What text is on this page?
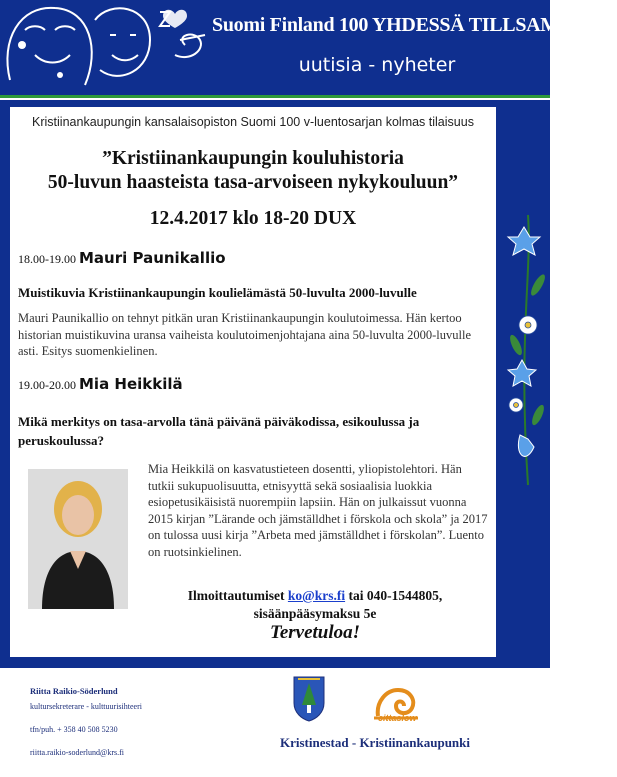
Suomi Finland 100 YHDESSÄ TILLSAMMANS
uutisia - nyheter

Kristiinankaupungin kansalaisopiston Suomi 100 v-luentosarjan kolmas tilaisuus

”Kristiinankaupungin kouluhistoria
50-luvun haasteista tasa-arvoiseen nykykouluun”

12.4.2017 klo 18-20 DUX

18.00-19.00 Mauri Paunikallio

Muistikuvia Kristiinankaupungin koulielämästä 50-luvulta 2000-luvulle

Mauri Paunikallio on tehnyt pitkän uran Kristiinankaupungin koulutoimessa. Hän kertoo historian muistikuvina uransa vaiheista koulutoimenjohtajana aina 50-luvulta 2000-luvulle asti. Esitys suomenkielinen.

19.00-20.00 Mia Heikkilä

Mikä merkitys on tasa-arvolla tänä päivänä päiväkodissa, esikoulussa ja peruskoulussa?

Mia Heikkilä on kasvatustieteen dosentti, yliopistolehtori. Hän tutkii sukupuolisuutta, etnisyyttä sekä sosiaalisia luokkia esiopetusikäisistä nuorempiin lapsiin. Hän on julkaissut vuonna 2015 kirjan ”Lärande och jämställdhet i förskola och skola” ja 2017 on tulossa uusi kirja ”Arbeta med jämställdhet i förskolan”. Luento on ruotsinkielinen.

Ilmoittautumiset ko@krs.fi tai 040-1544805,
sisäänpääsymaksu 5e

Tervetuloa!

Riitta Raikio-Söderlund
kultursekreterare - kulttuurisihteeri
tfn/puh. + 358 40 508 5230
riitta.raikio-soderlund@krs.fi
cittaslow
Kristinestad - Kristiinankaupunki
